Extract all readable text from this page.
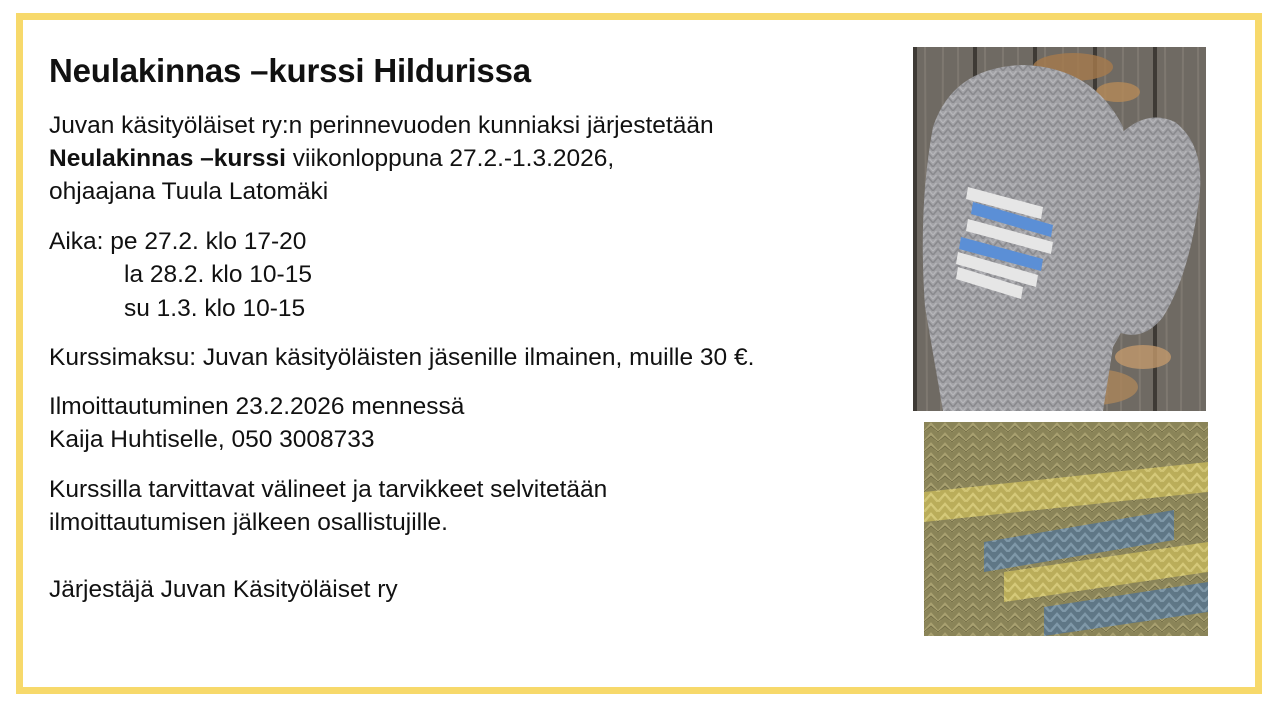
Neulakinnas –kurssi Hildurissa
Juvan käsityöläiset ry:n perinnevuoden kunniaksi järjestetään
Neulakinnas –kurssi viikonloppuna 27.2.-1.3.2026,
ohjaajana Tuula Latomäki
Aika: pe 27.2. klo 17-20
la 28.2. klo 10-15
su 1.3. klo 10-15
Kurssimaksu: Juvan käsityöläisten jäsenille ilmainen, muille 30 €.
Ilmoittautuminen 23.2.2026 mennessä
Kaija Huhtiselle, 050 3008733
Kurssilla tarvittavat välineet ja tarvikkeet selvitetään
ilmoittautumisen jälkeen osallistujille.
Järjestäjä Juvan Käsityöläiset ry
